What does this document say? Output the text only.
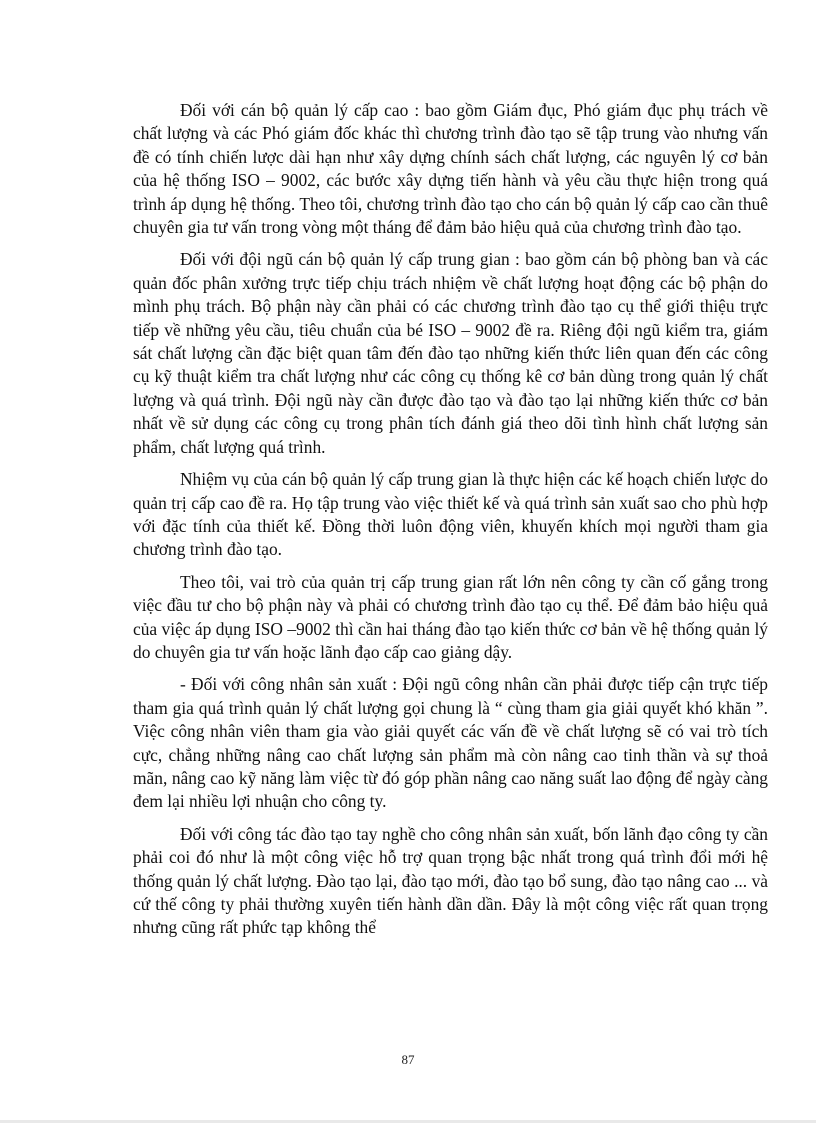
Đối với cán bộ quản lý cấp cao : bao gồm Giám đục, Phó giám đục phụ trách về chất lượng và các Phó giám đốc khác thì chương trình đào tạo sẽ tập trung vào nhưng vấn đề có tính chiến lược dài hạn như xây dựng chính sách chất lượng, các nguyên lý cơ bản của hệ thống ISO – 9002, các bước xây dựng tiến hành và yêu cầu thực hiện trong quá trình áp dụng hệ thống. Theo tôi, chương trình đào tạo cho cán bộ quản lý cấp cao cần thuê chuyên gia tư vấn trong vòng một tháng để đảm bảo hiệu quả của chương trình đào tạo.

Đối với đội ngũ cán bộ quản lý cấp trung gian : bao gồm cán bộ phòng ban và các quản đốc phân xưởng trực tiếp chịu trách nhiệm về chất lượng hoạt động các bộ phận do mình phụ trách. Bộ phận này cần phải có các chương trình đào tạo cụ thể giới thiệu trực tiếp về những yêu cầu, tiêu chuẩn của bé ISO – 9002 đề ra. Riêng đội ngũ kiểm tra, giám sát chất lượng cần đặc biệt quan tâm đến đào tạo những kiến thức liên quan đến các công cụ kỹ thuật kiểm tra chất lượng như các công cụ thống kê cơ bản dùng trong quản lý chất lượng và quá trình. Đội ngũ này cần được đào tạo và đào tạo lại những kiến thức cơ bản nhất về sử dụng các công cụ trong phân tích đánh giá theo dõi tình hình chất lượng sản phẩm, chất lượng quá trình.

Nhiệm vụ của cán bộ quản lý cấp trung gian là thực hiện các kế hoạch chiến lược do quản trị cấp cao đề ra. Họ tập trung vào việc thiết kế và quá trình sản xuất sao cho phù hợp với đặc tính của thiết kế. Đồng thời luôn động viên, khuyến khích mọi người tham gia chương trình đào tạo.

Theo tôi, vai trò của quản trị cấp trung gian rất lớn nên công ty cần cố gắng trong việc đầu tư cho bộ phận này và phải có chương trình đào tạo cụ thể. Để đảm bảo hiệu quả của việc áp dụng ISO –9002 thì cần hai tháng đào tạo kiến thức cơ bản về hệ thống quản lý do chuyên gia tư vấn hoặc lãnh đạo cấp cao giảng dậy.

- Đối với công nhân sản xuất : Đội ngũ công nhân cần phải được tiếp cận trực tiếp tham gia quá trình quản lý chất lượng gọi chung là “ cùng tham gia giải quyết khó khăn ”. Việc công nhân viên tham gia vào giải quyết các vấn đề về chất lượng sẽ có vai trò tích cực, chẳng những nâng cao chất lượng sản phẩm mà còn nâng cao tinh thần và sự thoả mãn, nâng cao kỹ năng làm việc từ đó góp phần nâng cao năng suất lao động để ngày càng đem lại nhiều lợi nhuận cho công ty.

Đối với công tác đào tạo tay nghề cho công nhân sản xuất, bốn lãnh đạo công ty cần phải coi đó như là một công việc hỗ trợ quan trọng bậc nhất trong quá trình đổi mới hệ thống quản lý chất lượng. Đào tạo lại, đào tạo mới, đào tạo bổ sung, đào tạo nâng cao ... và cứ thế công ty phải thường xuyên tiến hành dần dần. Đây là một công việc rất quan trọng nhưng cũng rất phức tạp không thể

87
